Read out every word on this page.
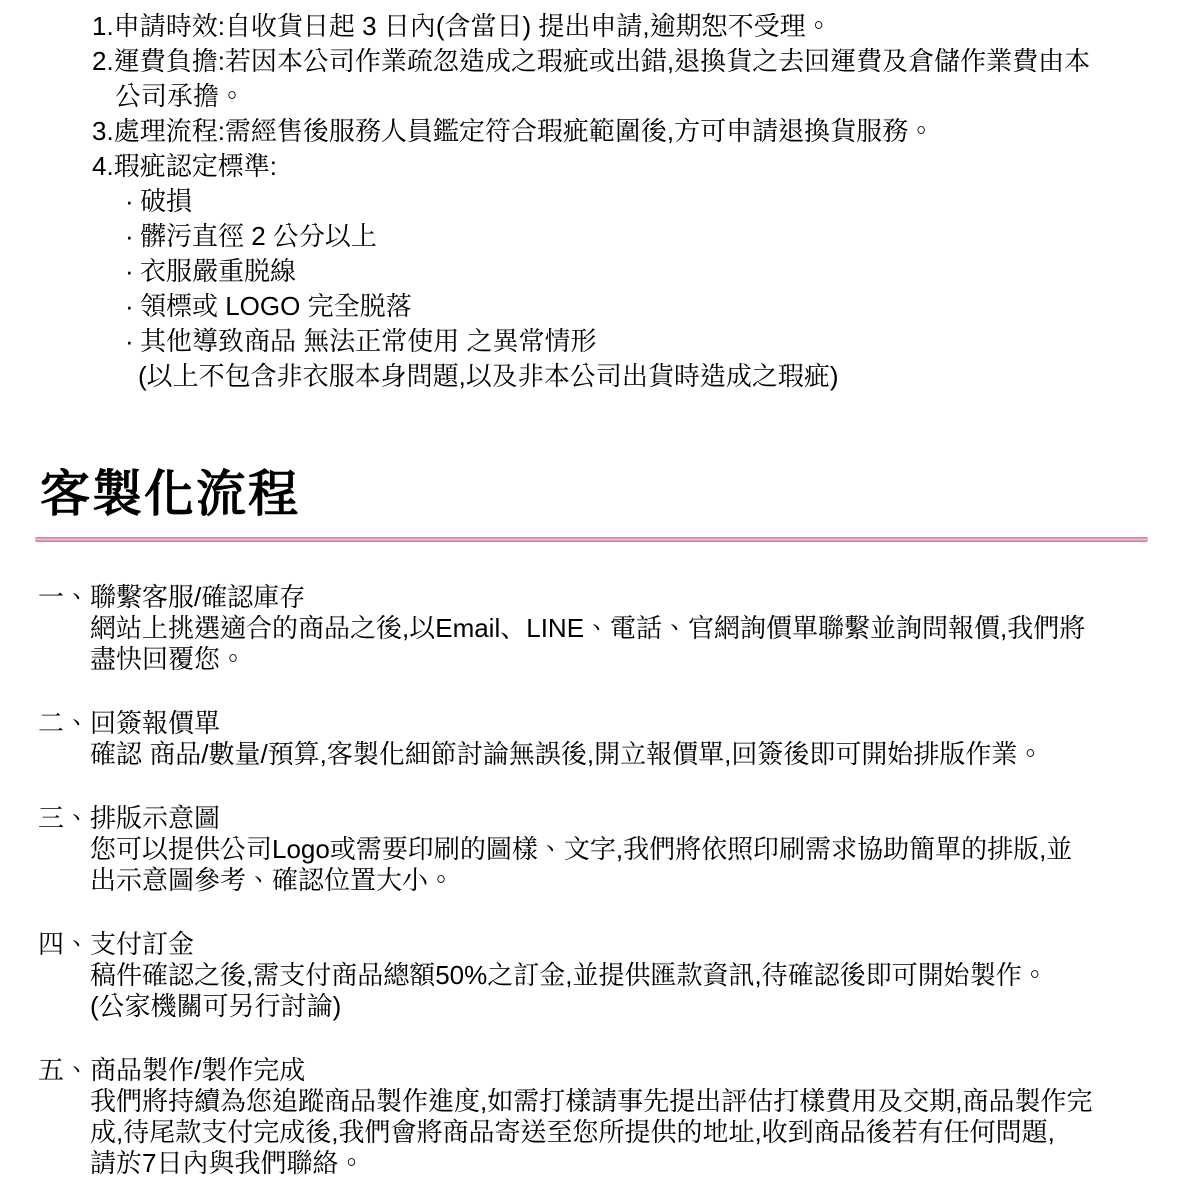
1.申請時效:自收貨日起 3 日內(含當日) 提出申請,逾期恕不受理。
2.運費負擔:若因本公司作業疏忽造成之瑕疵或出錯,退換貨之去回運費及倉儲作業費由本
公司承擔。
3.處理流程:需經售後服務人員鑑定符合瑕疵範圍後,方可申請退換貨服務。
4.瑕疵認定標準:
· 破損
· 髒污直徑 2 公分以上
· 衣服嚴重脱線
· 領標或 LOGO 完全脱落
· 其他導致商品 無法正常使用 之異常情形
(以上不包含非衣服本身問題,以及非本公司出貨時造成之瑕疵)
客製化流程
一、 聯繫客服/確認庫存
網站上挑選適合的商品之後,以Email、LINE、電話、官網詢價單聯繫並詢問報價,我們將
盡快回覆您。
二、 回簽報價單
確認 商品/數量/預算,客製化細節討論無誤後,開立報價單,回簽後即可開始排版作業。
三、 排版示意圖
您可以提供公司Logo或需要印刷的圖樣、文字,我們將依照印刷需求協助簡單的排版,並
出示意圖參考、確認位置大小。
四、 支付訂金
稿件確認之後,需支付商品總額50%之訂金,並提供匯款資訊,待確認後即可開始製作。
(公家機關可另行討論)
五、 商品製作/製作完成
我們將持續為您追蹤商品製作進度,如需打樣請事先提出評估打樣費用及交期,商品製作完
成,待尾款支付完成後,我們會將商品寄送至您所提供的地址,收到商品後若有任何問題,
請於7日內與我們聯絡。
